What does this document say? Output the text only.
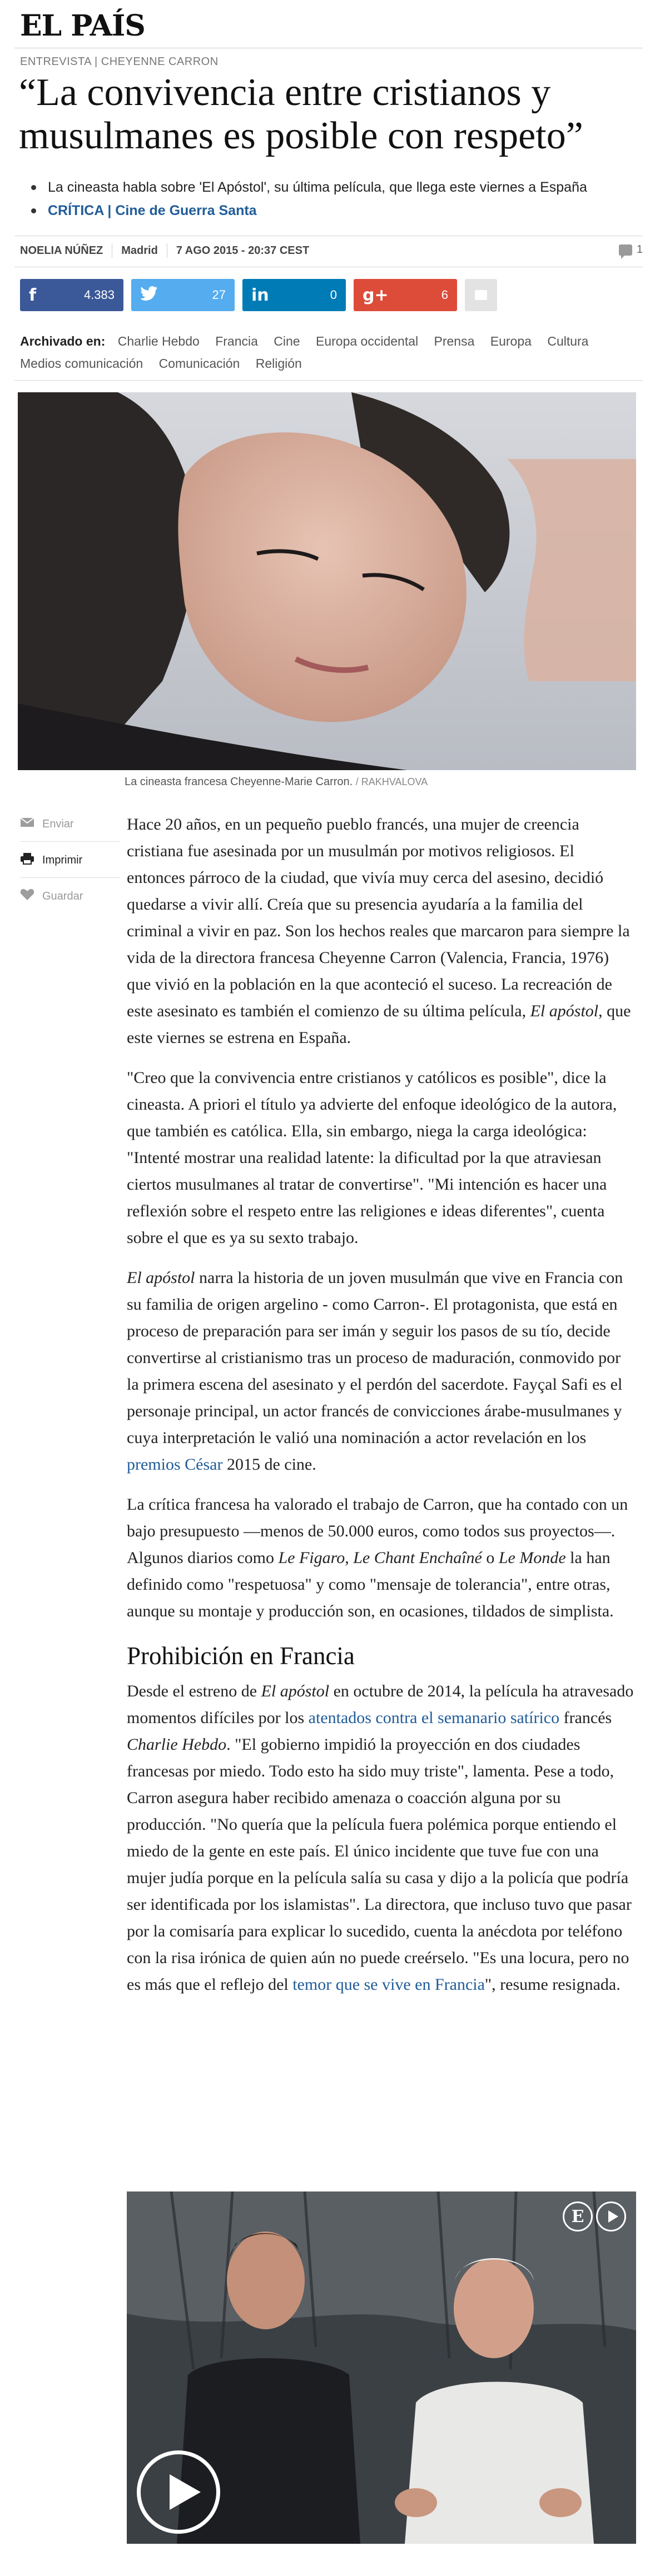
EL PAÍS
ENTREVISTA | CHEYENNE CARRON
“La convivencia entre cristianos y musulmanes es posible con respeto”
La cineasta habla sobre 'El Apóstol', su última película, que llega este viernes a España
CRÍTICA | Cine de Guerra Santa
NOELIA NÚÑEZ Madrid 7 AGO 2015 - 20:37 CEST	1
f	4.383	27 in	0 g+	6
Archivado en: Charlie Hebdo Francia Cine Europa occidental Prensa Europa Cultura Medios comunicación Comunicación Religión
La cineasta francesa Cheyenne-Marie Carron. / RAKHVALOVA
Enviar
Imprimir
Guardar

Hace 20 años, en un pequeño pueblo francés, una mujer de creencia cristiana fue asesinada por un musulmán por motivos religiosos. El entonces párroco de la ciudad, que vivía muy cerca del asesino, decidió quedarse a vivir allí. Creía que su presencia ayudaría a la familia del criminal a vivir en paz. Son los hechos reales que marcaron para siempre la vida de la directora francesa Cheyenne Carron (Valencia, Francia, 1976) que vivió en la población en la que aconteció el suceso. La recreación de este asesinato es también el comienzo de su última película, El apóstol, que este viernes se estrena en España.

"Creo que la convivencia entre cristianos y católicos es posible", dice la cineasta. A priori el título ya advierte del enfoque ideológico de la autora, que también es católica. Ella, sin embargo, niega la carga ideológica: "Intenté mostrar una realidad latente: la dificultad por la que atraviesan ciertos musulmanes al tratar de convertirse". "Mi intención es hacer una reflexión sobre el respeto entre las religiones e ideas diferentes", cuenta sobre el que es ya su sexto trabajo.

El apóstol narra la historia de un joven musulmán que vive en Francia con su familia de origen argelino - como Carron-. El protagonista, que está en proceso de preparación para ser imán y seguir los pasos de su tío, decide convertirse al cristianismo tras un proceso de maduración, conmovido por la primera escena del asesinato y el perdón del sacerdote. Fayçal Safi es el personaje principal, un actor francés de convicciones árabe-musulmanes y cuya interpretación le valió una nominación a actor revelación en los premios César 2015 de cine.

La crítica francesa ha valorado el trabajo de Carron, que ha contado con un bajo presupuesto —menos de 50.000 euros, como todos sus proyectos—. Algunos diarios como Le Figaro, Le Chant Enchaîné o Le Monde la han definido como "respetuosa" y como "mensaje de tolerancia", entre otras, aunque su montaje y producción son, en ocasiones, tildados de simplista.

Prohibición en Francia

Desde el estreno de El apóstol en octubre de 2014, la película ha atravesado momentos difíciles por los atentados contra el semanario satírico francés Charlie Hebdo. "El gobierno impidió la proyección en dos ciudades francesas por miedo. Todo esto ha sido muy triste", lamenta. Pese a todo, Carron asegura haber recibido amenaza o coacción alguna por su producción. "No quería que la película fuera polémica porque entiendo el miedo de la gente en este país. El único incidente que tuve fue con una mujer judía porque en la película salía su casa y dijo a la policía que podría ser identificada por los islamistas". La directora, que incluso tuvo que pasar por la comisaría para explicar lo sucedido, cuenta la anécdota por teléfono con la risa irónica de quien aún no puede creérselo. "Es una locura, pero no es más que el reflejo del temor que se vive en Francia", resume resignada.

E
